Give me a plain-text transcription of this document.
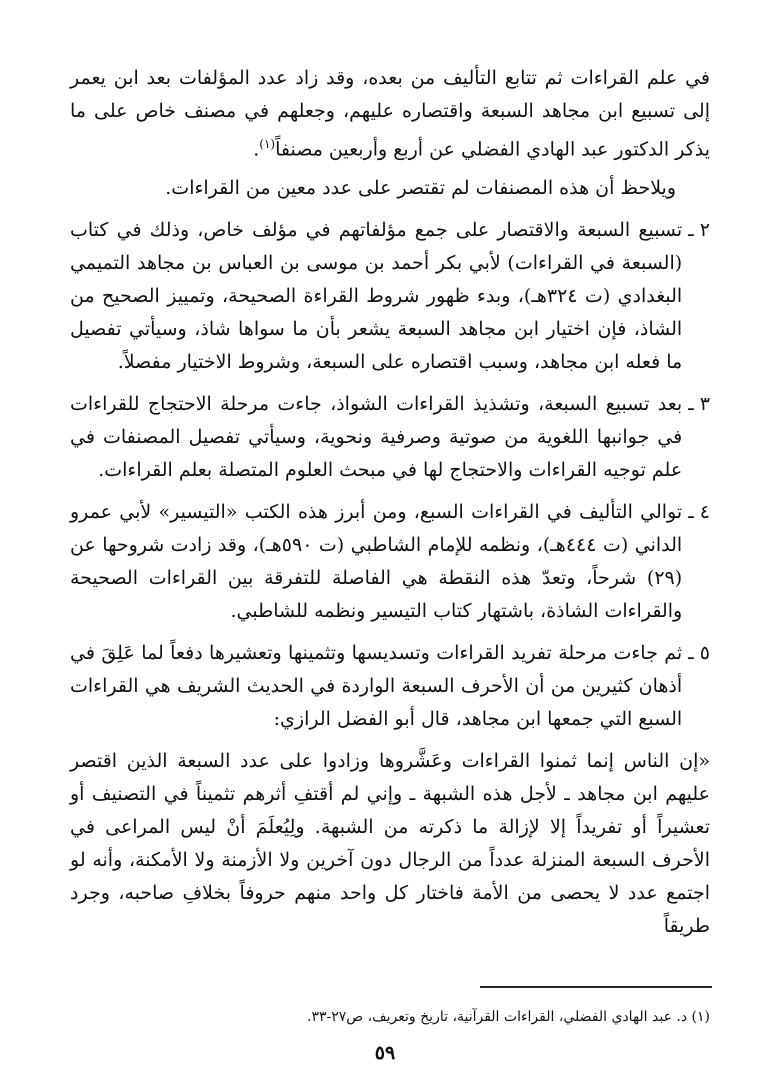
في علم القراءات ثم تتابع التأليف من بعده، وقد زاد عدد المؤلفات بعد ابن يعمر إلى تسبيع ابن مجاهد السبعة واقتصاره عليهم، وجعلهم في مصنف خاص على ما يذكر الدكتور عبد الهادي الفضلي عن أربع وأربعين مصنفاً$^{(١)}$.

ويلاحظ أن هذه المصنفات لم تقتصر على عدد معين من القراءات.

٢ ـ

تسبيع السبعة والاقتصار على جمع مؤلفاتهم في مؤلف خاص، وذلك في كتاب (السبعة في القراءات) لأبي بكر أحمد بن موسى بن العباس بن مجاهد التميمي البغدادي (ت ٣٢٤هـ)، وبدء ظهور شروط القراءة الصحيحة، وتمييز الصحيح من الشاذ، فإن اختيار ابن مجاهد السبعة يشعر بأن ما سواها شاذ، وسيأتي تفصيل ما فعله ابن مجاهد، وسبب اقتصاره على السبعة، وشروط الاختيار مفصلاً.

٣ ـ

بعد تسبيع السبعة، وتشذيذ القراءات الشواذ، جاءت مرحلة الاحتجاج للقراءات في جوانبها اللغوية من صوتية وصرفية ونحوية، وسيأتي تفصيل المصنفات في علم توجيه القراءات والاحتجاج لها في مبحث العلوم المتصلة بعلم القراءات.

٤ ـ

توالي التأليف في القراءات السبع، ومن أبرز هذه الكتب «التيسير» لأبي عمرو الداني (ت ٤٤٤هـ)، ونظمه للإمام الشاطبي (ت ٥٩٠هـ)، وقد زادت شروحها عن (٢٩) شرحاً، وتعدّ هذه النقطة هي الفاصلة للتفرقة بين القراءات الصحيحة والقراءات الشاذة، باشتهار كتاب التيسير ونظمه للشاطبي.

٥ ـ

ثم جاءت مرحلة تفريد القراءات وتسديسها وتثمينها وتعشيرها دفعاً لما عَلِقَ في أذهان كثيرين من أن الأحرف السبعة الواردة في الحديث الشريف هي القراءات السبع التي جمعها ابن مجاهد، قال أبو الفضل الرازي:

«إن الناس إنما ثمنوا القراءات وعَشَّروها وزادوا على عدد السبعة الذين اقتصر عليهم ابن مجاهد ـ لأجل هذه الشبهة ـ وإني لم أقتفِ أثرهم تثميناً في التصنيف أو تعشيراً أو تفريداً إلا لإزالة ما ذكرته من الشبهة. ولِيُعلَمَ أنْ ليس المراعى في الأحرف السبعة المنزلة عدداً من الرجال دون آخرين ولا الأزمنة ولا الأمكنة، وأنه لو اجتمع عدد لا يحصى من الأمة فاختار كل واحد منهم حروفاً بخلافِ صاحبه، وجرد طريقاً

(١) د. عبد الهادي الفضلي، القراءات القرآنية، تاريخ وتعريف، ص٢٧-٣٣.
٥٩
